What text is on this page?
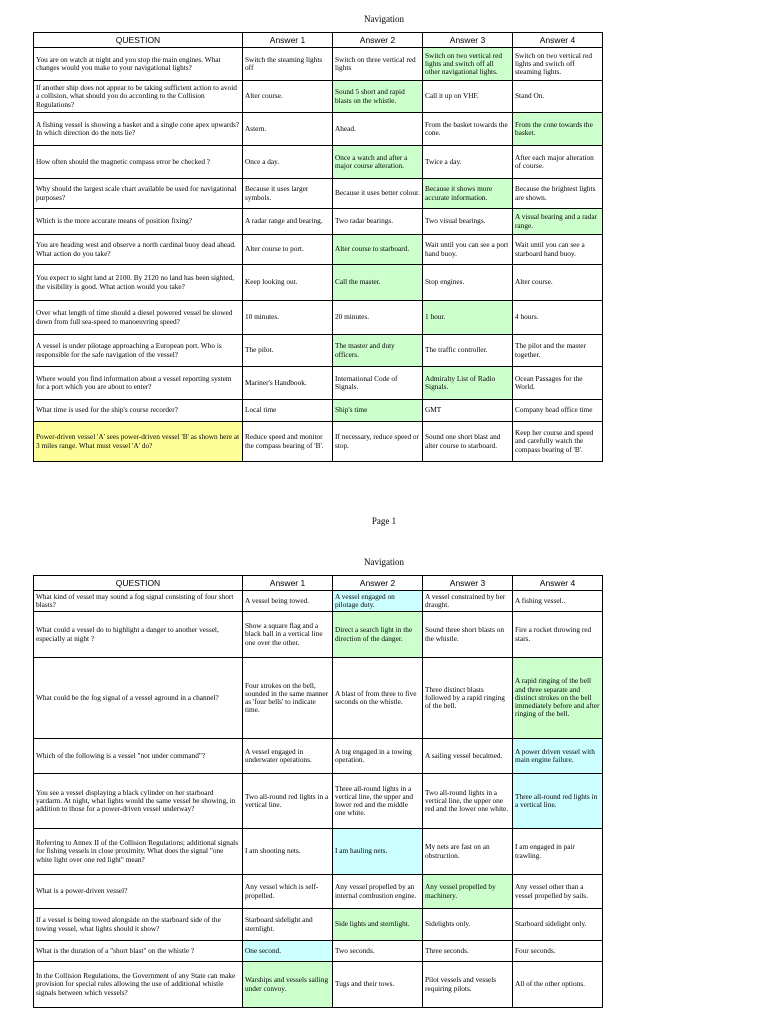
Navigation
QUESTION	Answer 1	Answer 2	Answer 3	Answer 4
You are on watch at night and you stop the main engines. What changes would you make to your navigational lights?	Switch the steaming lights off	Switch on three vertical red lights	Switch on two vertical red lights and switch off all other navigational lights.	Switch on two vertical red lights and switch off steaming lights.
If another ship does not appear to be taking sufficient action to avoid a collision, what should you do according to the Collision Regulations?	Alter course.	Sound 5 short and rapid blasts on the whistle.	Call it up on VHF.	Stand On.
A fishing vessel is showing a basket and a single cone apex upwards? In which direction do the nets lie?	Astern.	Ahead.	From the basket towards the cone.	From the cone towards the basket.
How often should the magnetic compass error be checked ?	Once a day.	Once a watch and after a major course alteration.	Twice a day.	After each major alteration of course.
Why should the largest scale chart available be used for navigational purposes?	Because it uses larger symbols.	Because it uses better colour.	Because it shows more accurate information.	Because the brightest lights are shown.
Which is the more accurate means of position fixing?	A radar range and bearing.	Two radar bearings.	Two visual bearings.	A visual bearing and a radar range.
You are heading west and observe a north cardinal buoy dead ahead. What action do you take?	Alter course to port.	Alter course to starboard.	Wait until you can see a port hand buoy.	Wait until you can see a starboard hand buoy.
You expect to sight land at 2100. By 2120 no land has been sighted, the visibility is good. What action would you take?	Keep looking out.	Call the master.	Stop engines.	Alter course.
Over what length of time should a diesel powered vessel be slowed down from full sea-speed to manoeuvring speed?	10 minutes.	20 minutes.	1 hour.	4 hours.
A vessel is under pilotage approaching a European port. Who is responsible for the safe navigation of the vessel?	The pilot.	The master and duty officers.	The traffic controller.	The pilot and the master together.
Where would you find information about a vessel reporting system for a port which you are about to enter?	Mariner's Handbook.	International Code of Signals.	Admiralty List of Radio Signals.	Ocean Passages for the World.
What time is used for the ship's course recorder?	Local time	Ship's time	GMT	Company head office time
Power-driven vessel 'A' sees power-driven vessel 'B' as shown here at 3 miles range. What must vessel 'A' do?	Reduce speed and monitor the compass bearing of 'B'.	If necessary, reduce speed or stop.	Sound one short blast and alter course to starboard.	Keep her course and speed and carefully watch the compass bearing of 'B'.
Page 1
Navigation
QUESTION	Answer 1	Answer 2	Answer 3	Answer 4
What kind of vessel may sound a fog signal consisting of four short blasts?	A vessel being towed.	A vessel engaged on pilotage duty.	A vessel constrained by her draught.	A fishing vessel..
What could a vessel do to highlight a danger to another vessel, especially at night ?	Show a square flag and a black ball in a vertical line one over the other.	Direct a search light in the direction of the danger.	Sound three short blasts on the whistle.	Fire a rocket throwing red stars.
What could be the fog signal of a vessel aground in a channel?	Four strokes on the bell, sounded in the same manner as 'four bells' to indicate time.	A blast of from three to five seconds on the whistle.	Three distinct blasts followed by a rapid ringing of the bell.	A rapid ringing of the bell and three separate and distinct strokes on the bell immediately before and after ringing of the bell.
Which of the following is a vessel "not under command"?	A vessel engaged in underwater operations.	A tug engaged in a towing operation.	A sailing vessel becalmed.	A power driven vessel with main engine failure.
You see a vessel displaying a black cylinder on her starboard yardarm. At night, what lights would the same vessel be showing, in addition to those for a power-driven vessel underway?	Two all-round red lights in a vertical line.	Three all-round lights in a vertical line, the upper and lower red and the middle one white.	Two all-round lights in a vertical line, the upper one red and the lower one white.	Three all-round red lights in a vertical line.
Referring to Annex II of the Collision Regulations; additional signals for fishing vessels in close proximity. What does the signal "one white light over one red light" mean?	I am shooting nets.	I am hauling nets.	My nets are fast on an obstruction.	I am engaged in pair trawling.
What is a power-driven vessel?	Any vessel which is self-propelled.	Any vessel propelled by an internal combustion engine.	Any vessel propelled by machinery.	Any vessel other than a vessel propelled by sails.
If a vessel is being towed alongside on the starboard side of the towing vessel, what lights should it show?	Starboard sidelight and sternlight.	Side lights and sternlight.	Sidelights only.	Starboard sidelight only.
What is the duration of a "short blast" on the whistle ?	One second.	Two seconds.	Three seconds.	Four seconds.
In the Collision Regulations, the Government of any State can make provision for special rules allowing the use of additional whistle signals between which vessels?	Warships and vessels sailing under convoy.	Tugs and their tows.	Pilot vessels and vessels requiring pilots.	All of the other options.
